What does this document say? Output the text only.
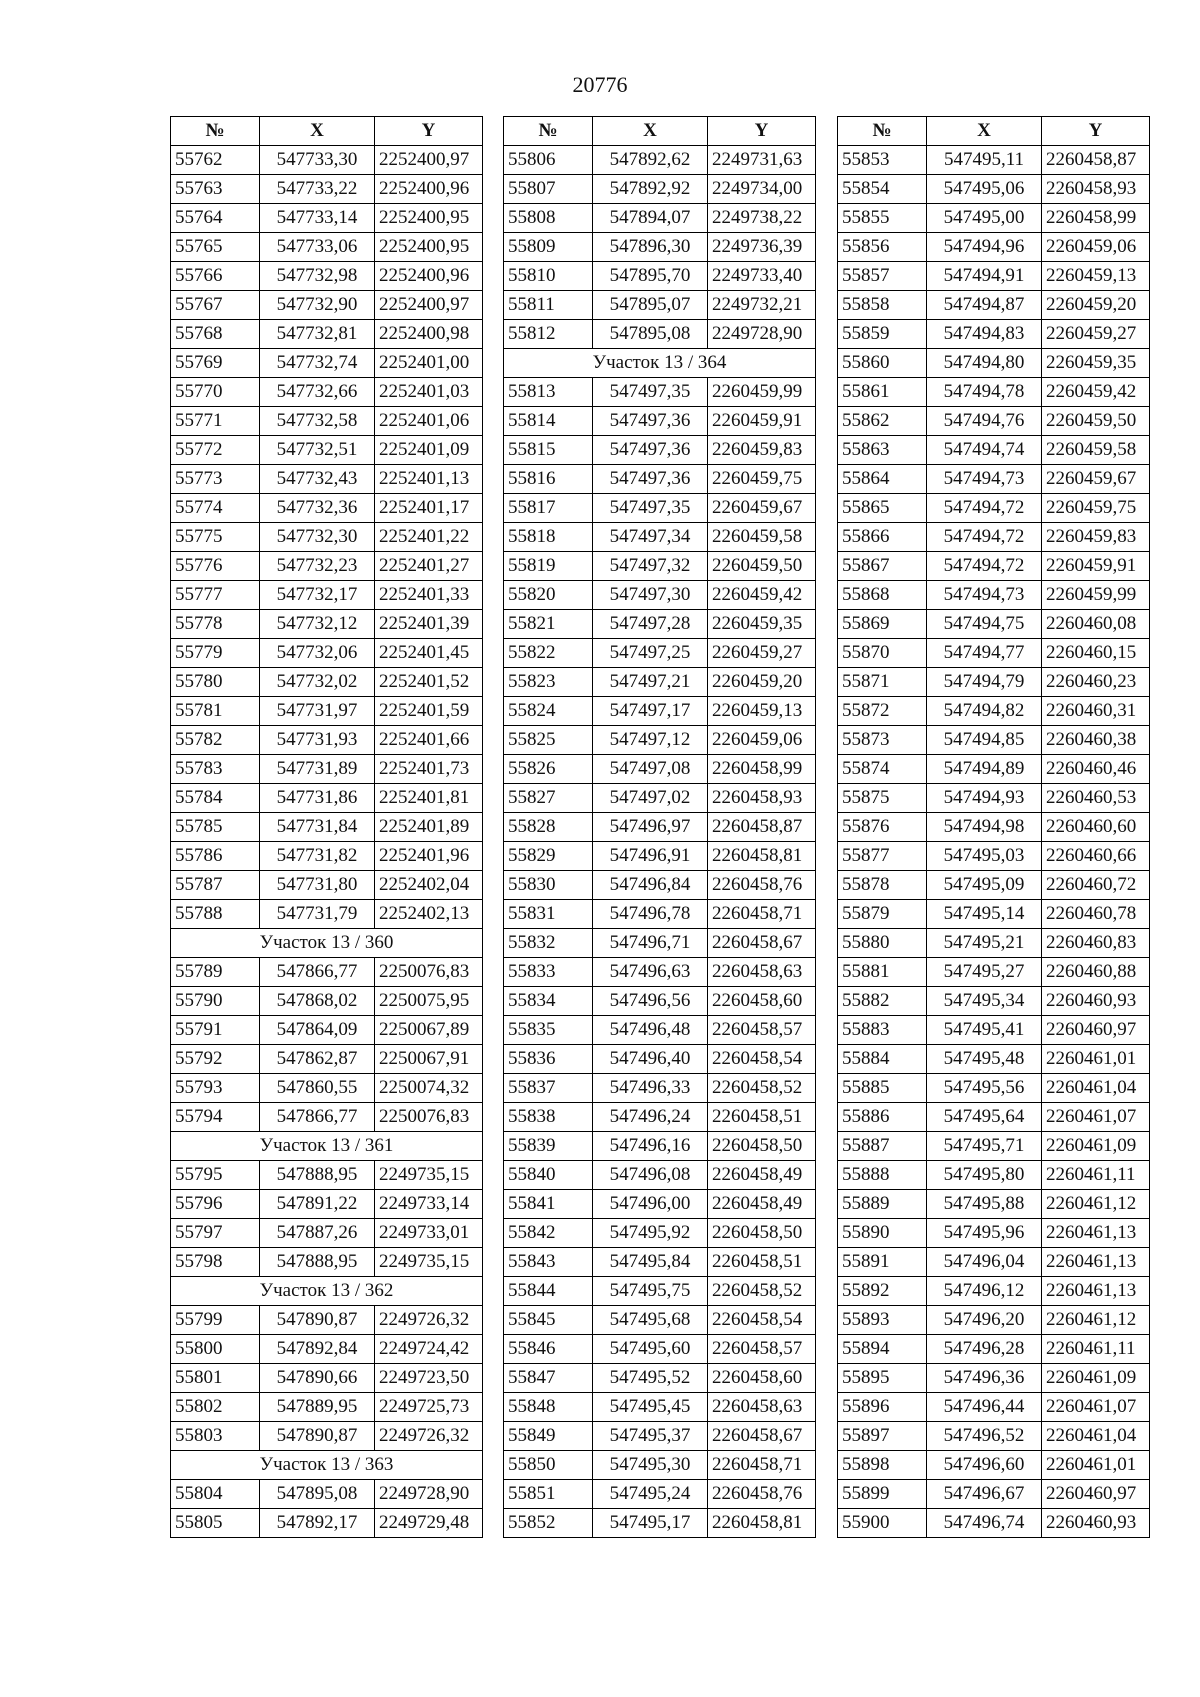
20776
№	X	Y
55762	547733,30	2252400,97
55763	547733,22	2252400,96
55764	547733,14	2252400,95
55765	547733,06	2252400,95
55766	547732,98	2252400,96
55767	547732,90	2252400,97
55768	547732,81	2252400,98
55769	547732,74	2252401,00
55770	547732,66	2252401,03
55771	547732,58	2252401,06
55772	547732,51	2252401,09
55773	547732,43	2252401,13
55774	547732,36	2252401,17
55775	547732,30	2252401,22
55776	547732,23	2252401,27
55777	547732,17	2252401,33
55778	547732,12	2252401,39
55779	547732,06	2252401,45
55780	547732,02	2252401,52
55781	547731,97	2252401,59
55782	547731,93	2252401,66
55783	547731,89	2252401,73
55784	547731,86	2252401,81
55785	547731,84	2252401,89
55786	547731,82	2252401,96
55787	547731,80	2252402,04
55788	547731,79	2252402,13
Участок 13 / 360		
55789	547866,77	2250076,83
55790	547868,02	2250075,95
55791	547864,09	2250067,89
55792	547862,87	2250067,91
55793	547860,55	2250074,32
55794	547866,77	2250076,83
Участок 13 / 361		
55795	547888,95	2249735,15
55796	547891,22	2249733,14
55797	547887,26	2249733,01
55798	547888,95	2249735,15
Участок 13 / 362		
55799	547890,87	2249726,32
55800	547892,84	2249724,42
55801	547890,66	2249723,50
55802	547889,95	2249725,73
55803	547890,87	2249726,32
Участок 13 / 363		
55804	547895,08	2249728,90
55805	547892,17	2249729,48
№	X	Y
55806	547892,62	2249731,63
55807	547892,92	2249734,00
55808	547894,07	2249738,22
55809	547896,30	2249736,39
55810	547895,70	2249733,40
55811	547895,07	2249732,21
55812	547895,08	2249728,90
Участок 13 / 364		
55813	547497,35	2260459,99
55814	547497,36	2260459,91
55815	547497,36	2260459,83
55816	547497,36	2260459,75
55817	547497,35	2260459,67
55818	547497,34	2260459,58
55819	547497,32	2260459,50
55820	547497,30	2260459,42
55821	547497,28	2260459,35
55822	547497,25	2260459,27
55823	547497,21	2260459,20
55824	547497,17	2260459,13
55825	547497,12	2260459,06
55826	547497,08	2260458,99
55827	547497,02	2260458,93
55828	547496,97	2260458,87
55829	547496,91	2260458,81
55830	547496,84	2260458,76
55831	547496,78	2260458,71
55832	547496,71	2260458,67
55833	547496,63	2260458,63
55834	547496,56	2260458,60
55835	547496,48	2260458,57
55836	547496,40	2260458,54
55837	547496,33	2260458,52
55838	547496,24	2260458,51
55839	547496,16	2260458,50
55840	547496,08	2260458,49
55841	547496,00	2260458,49
55842	547495,92	2260458,50
55843	547495,84	2260458,51
55844	547495,75	2260458,52
55845	547495,68	2260458,54
55846	547495,60	2260458,57
55847	547495,52	2260458,60
55848	547495,45	2260458,63
55849	547495,37	2260458,67
55850	547495,30	2260458,71
55851	547495,24	2260458,76
55852	547495,17	2260458,81
№	X	Y
55853	547495,11	2260458,87
55854	547495,06	2260458,93
55855	547495,00	2260458,99
55856	547494,96	2260459,06
55857	547494,91	2260459,13
55858	547494,87	2260459,20
55859	547494,83	2260459,27
55860	547494,80	2260459,35
55861	547494,78	2260459,42
55862	547494,76	2260459,50
55863	547494,74	2260459,58
55864	547494,73	2260459,67
55865	547494,72	2260459,75
55866	547494,72	2260459,83
55867	547494,72	2260459,91
55868	547494,73	2260459,99
55869	547494,75	2260460,08
55870	547494,77	2260460,15
55871	547494,79	2260460,23
55872	547494,82	2260460,31
55873	547494,85	2260460,38
55874	547494,89	2260460,46
55875	547494,93	2260460,53
55876	547494,98	2260460,60
55877	547495,03	2260460,66
55878	547495,09	2260460,72
55879	547495,14	2260460,78
55880	547495,21	2260460,83
55881	547495,27	2260460,88
55882	547495,34	2260460,93
55883	547495,41	2260460,97
55884	547495,48	2260461,01
55885	547495,56	2260461,04
55886	547495,64	2260461,07
55887	547495,71	2260461,09
55888	547495,80	2260461,11
55889	547495,88	2260461,12
55890	547495,96	2260461,13
55891	547496,04	2260461,13
55892	547496,12	2260461,13
55893	547496,20	2260461,12
55894	547496,28	2260461,11
55895	547496,36	2260461,09
55896	547496,44	2260461,07
55897	547496,52	2260461,04
55898	547496,60	2260461,01
55899	547496,67	2260460,97
55900	547496,74	2260460,93
